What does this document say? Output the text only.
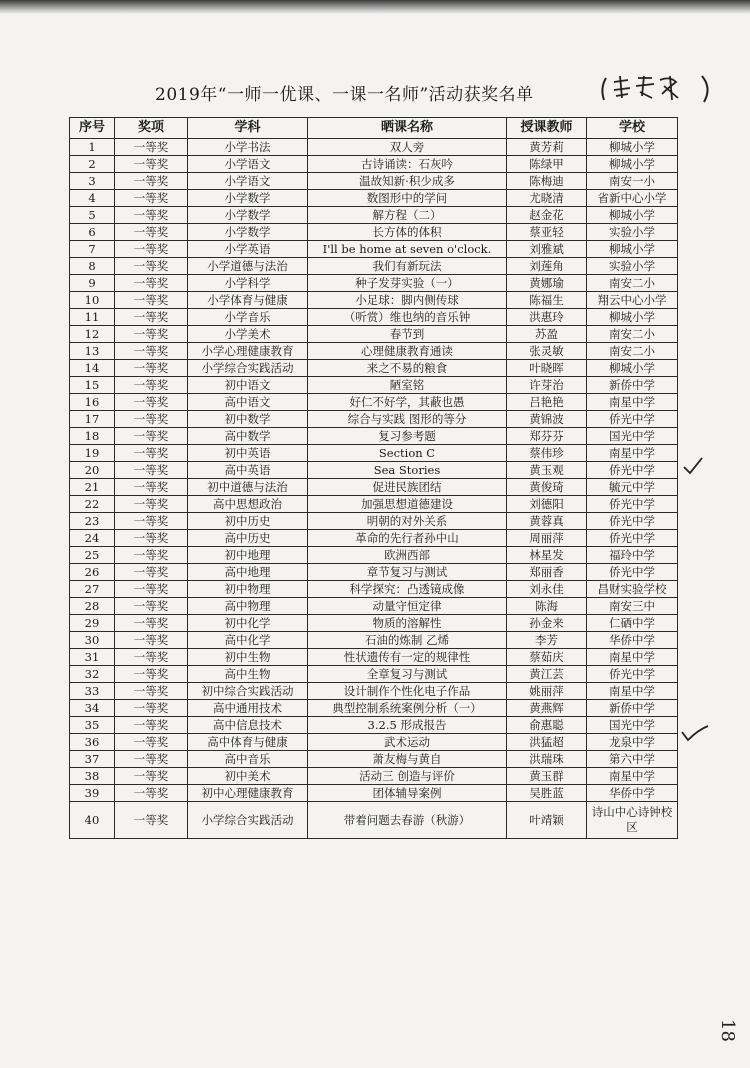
2019年“一师一优课、一课一名师”活动获奖名单
序号	奖项	学科	晒课名称	授课教师	学校
1	一等奖	小学书法	双人旁	黄芳莉	柳城小学
2	一等奖	小学语文	古诗诵读：石灰吟	陈绿甲	柳城小学
3	一等奖	小学语文	温故知新·积少成多	陈梅迪	南安一小
4	一等奖	小学数学	数图形中的学问	尤晓清	省新中心小学
5	一等奖	小学数学	解方程（二）	赵金花	柳城小学
6	一等奖	小学数学	长方体的体积	蔡亚轻	实验小学
7	一等奖	小学英语	I'll be home at seven o'clock.	刘雅斌	柳城小学
8	一等奖	小学道德与法治	我们有新玩法	刘莲角	实验小学
9	一等奖	小学科学	种子发芽实验（一）	黄娜瑜	南安二小
10	一等奖	小学体育与健康	小足球：脚内侧传球	陈福生	翔云中心小学
11	一等奖	小学音乐	（听赏）维也纳的音乐钟	洪惠玲	柳城小学
12	一等奖	小学美术	春节到	苏盈	南安二小
13	一等奖	小学心理健康教育	心理健康教育通读	张灵敏	南安二小
14	一等奖	小学综合实践活动	来之不易的粮食	叶晓晖	柳城小学
15	一等奖	初中语文	陋室铭	许芽治	新侨中学
16	一等奖	高中语文	好仁不好学，其蔽也愚	吕艳艳	南星中学
17	一等奖	初中数学	综合与实践 图形的等分	黄锦波	侨光中学
18	一等奖	高中数学	复习参考题	郑芬芬	国光中学
19	一等奖	初中英语	Section C	蔡伟珍	南星中学
20	一等奖	高中英语	Sea Stories	黄玉观	侨光中学
21	一等奖	初中道德与法治	促进民族团结	黄俊琦	毓元中学
22	一等奖	高中思想政治	加强思想道德建设	刘德阳	侨光中学
23	一等奖	初中历史	明朝的对外关系	黄蓉真	侨光中学
24	一等奖	高中历史	革命的先行者孙中山	周丽萍	侨光中学
25	一等奖	初中地理	欧洲西部	林星发	福玲中学
26	一等奖	高中地理	章节复习与测试	郑丽香	侨光中学
27	一等奖	初中物理	科学探究：凸透镜成像	刘永佳	昌财实验学校
28	一等奖	高中物理	动量守恒定律	陈海	南安三中
29	一等奖	初中化学	物质的溶解性	孙金来	仁硒中学
30	一等奖	高中化学	石油的炼制 乙烯	李芳	华侨中学
31	一等奖	初中生物	性状遗传有一定的规律性	蔡茹庆	南星中学
32	一等奖	高中生物	全章复习与测试	黄江芸	侨光中学
33	一等奖	初中综合实践活动	设计制作个性化电子作品	姚丽萍	南星中学
34	一等奖	高中通用技术	典型控制系统案例分析（一）	黄燕辉	新侨中学
35	一等奖	高中信息技术	3.2.5 形成报告	俞惠聪	国光中学
36	一等奖	高中体育与健康	武术运动	洪猛超	龙泉中学
37	一等奖	高中音乐	萧友梅与黄自	洪瑞珠	第六中学
38	一等奖	初中美术	活动三 创造与评价	黄玉群	南星中学
39	一等奖	初中心理健康教育	团体辅导案例	吴胜蓝	华侨中学
40	一等奖	小学综合实践活动	带着问题去春游（秋游）	叶靖颖	诗山中心诗钟校区
18
